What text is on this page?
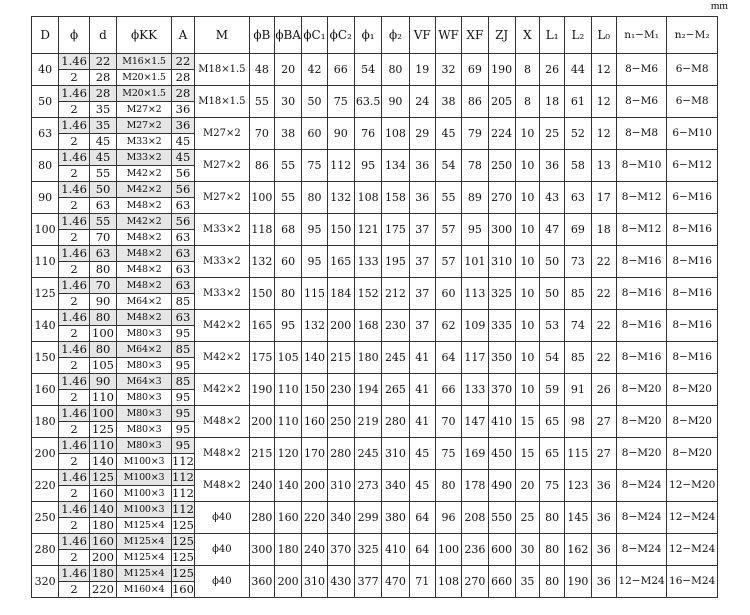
mm
D	ϕ	d	ϕKK	A	M	ϕB	ϕBA	ϕC₁	ϕC₂	ϕ₁	ϕ₂	VF	WF	XF	ZJ	X	L₁	L₂	L₀	n₁−M₁	n₂−M₂
40	1.46	22	M16×1.5	22	M18×1.5	48	20	42	66	54	80	19	32	69	190	8	26	44	12	8−M6	6−M8
	2	28	M20×1.5	28																	
50	1.46	28	M20×1.5	28	M18×1.5	55	30	50	75	63.5	90	24	38	86	205	8	18	61	12	8−M6	6−M8
	2	35	M27×2	36																	
63	1.46	35	M27×2	36	M27×2	70	38	60	90	76	108	29	45	79	224	10	25	52	12	8−M8	6−M10
	2	45	M33×2	45																	
80	1.46	45	M33×2	45	M27×2	86	55	75	112	95	134	36	54	78	250	10	36	58	13	8−M10	6−M12
	2	55	M42×2	56																	
90	1.46	50	M42×2	56	M27×2	100	55	80	132	108	158	36	55	89	270	10	43	63	17	8−M12	6−M16
	2	63	M48×2	63																	
100	1.46	55	M42×2	56	M33×2	118	68	95	150	121	175	37	57	95	300	10	47	69	18	8−M12	8−M16
	2	70	M48×2	63																	
110	1.46	63	M48×2	63	M33×2	132	60	95	165	133	195	37	57	101	310	10	50	73	22	8−M16	8−M16
	2	80	M48×2	63																	
125	1.46	70	M48×2	63	M33×2	150	80	115	184	152	212	37	60	113	325	10	50	85	22	8−M16	8−M16
	2	90	M64×2	85																	
140	1.46	80	M48×2	63	M42×2	165	95	132	200	168	230	37	62	109	335	10	53	74	22	8−M16	8−M16
	2	100	M80×3	95																	
150	1.46	80	M64×2	85	M42×2	175	105	140	215	180	245	41	64	117	350	10	54	85	22	8−M16	8−M16
	2	105	M80×3	95																	
160	1.46	90	M64×3	85	M42×2	190	110	150	230	194	265	41	66	133	370	10	59	91	26	8−M20	8−M20
	2	110	M80×3	95																	
180	1.46	100	M80×3	95	M48×2	200	110	160	250	219	280	41	70	147	410	15	65	98	27	8−M20	8−M20
	2	125	M80×3	95																	
200	1.46	110	M80×3	95	M48×2	215	120	170	280	245	310	45	75	169	450	15	65	115	27	8−M20	8−M20
	2	140	M100×3	112																	
220	1.46	125	M100×3	112	M48×2	240	140	200	310	273	340	45	80	178	490	20	75	123	36	8−M24	12−M20
	2	160	M100×3	112																	
250	1.46	140	M100×3	112	ϕ40	280	160	220	340	299	380	64	96	208	550	25	80	145	36	8−M24	12−M24
	2	180	M125×4	125																	
280	1.46	160	M125×4	125	ϕ40	300	180	240	370	325	410	64	100	236	600	30	80	162	36	8−M24	12−M24
	2	200	M125×4	125																	
320	1.46	180	M125×4	125	ϕ40	360	200	310	430	377	470	71	108	270	660	35	80	190	36	12−M24	16−M24
	2	220	M160×4	160																	
